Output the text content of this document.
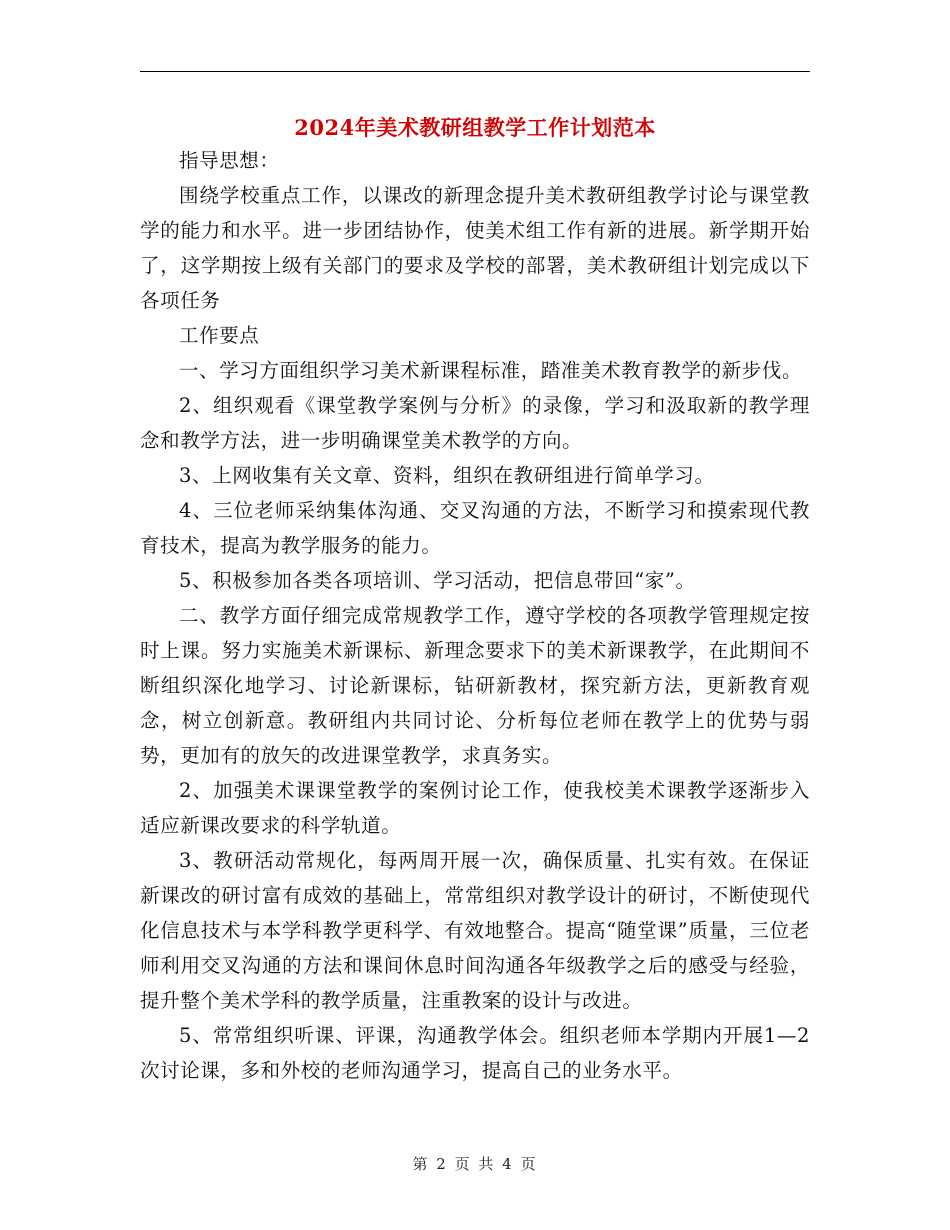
2024年美术教研组教学工作计划范本

指导思想：

围绕学校重点工作，以课改的新理念提升美术教研组教学讨论与课堂教学的能力和水平。进一步团结协作，使美术组工作有新的进展。新学期开始了，这学期按上级有关部门的要求及学校的部署，美术教研组计划完成以下各项任务

工作要点

一、学习方面组织学习美术新课程标准，踏准美术教育教学的新步伐。

2、组织观看《课堂教学案例与分析》的录像，学习和汲取新的教学理念和教学方法，进一步明确课堂美术教学的方向。

3、上网收集有关文章、资料，组织在教研组进行简单学习。

4、三位老师采纳集体沟通、交叉沟通的方法，不断学习和摸索现代教育技术，提高为教学服务的能力。

5、积极参加各类各项培训、学习活动，把信息带回“家”。

二、教学方面仔细完成常规教学工作，遵守学校的各项教学管理规定按时上课。努力实施美术新课标、新理念要求下的美术新课教学，在此期间不断组织深化地学习、讨论新课标，钻研新教材，探究新方法，更新教育观念，树立创新意。教研组内共同讨论、分析每位老师在教学上的优势与弱势，更加有的放矢的改进课堂教学，求真务实。

2、加强美术课课堂教学的案例讨论工作，使我校美术课教学逐渐步入适应新课改要求的科学轨道。

3、教研活动常规化，每两周开展一次，确保质量、扎实有效。在保证新课改的研讨富有成效的基础上，常常组织对教学设计的研讨，不断使现代化信息技术与本学科教学更科学、有效地整合。提高“随堂课”质量，三位老师利用交叉沟通的方法和课间休息时间沟通各年级教学之后的感受与经验，提升整个美术学科的教学质量，注重教案的设计与改进。

5、常常组织听课、评课，沟通教学体会。组织老师本学期内开展1—2次讨论课，多和外校的老师沟通学习，提高自己的业务水平。

第 2 页 共 4 页
